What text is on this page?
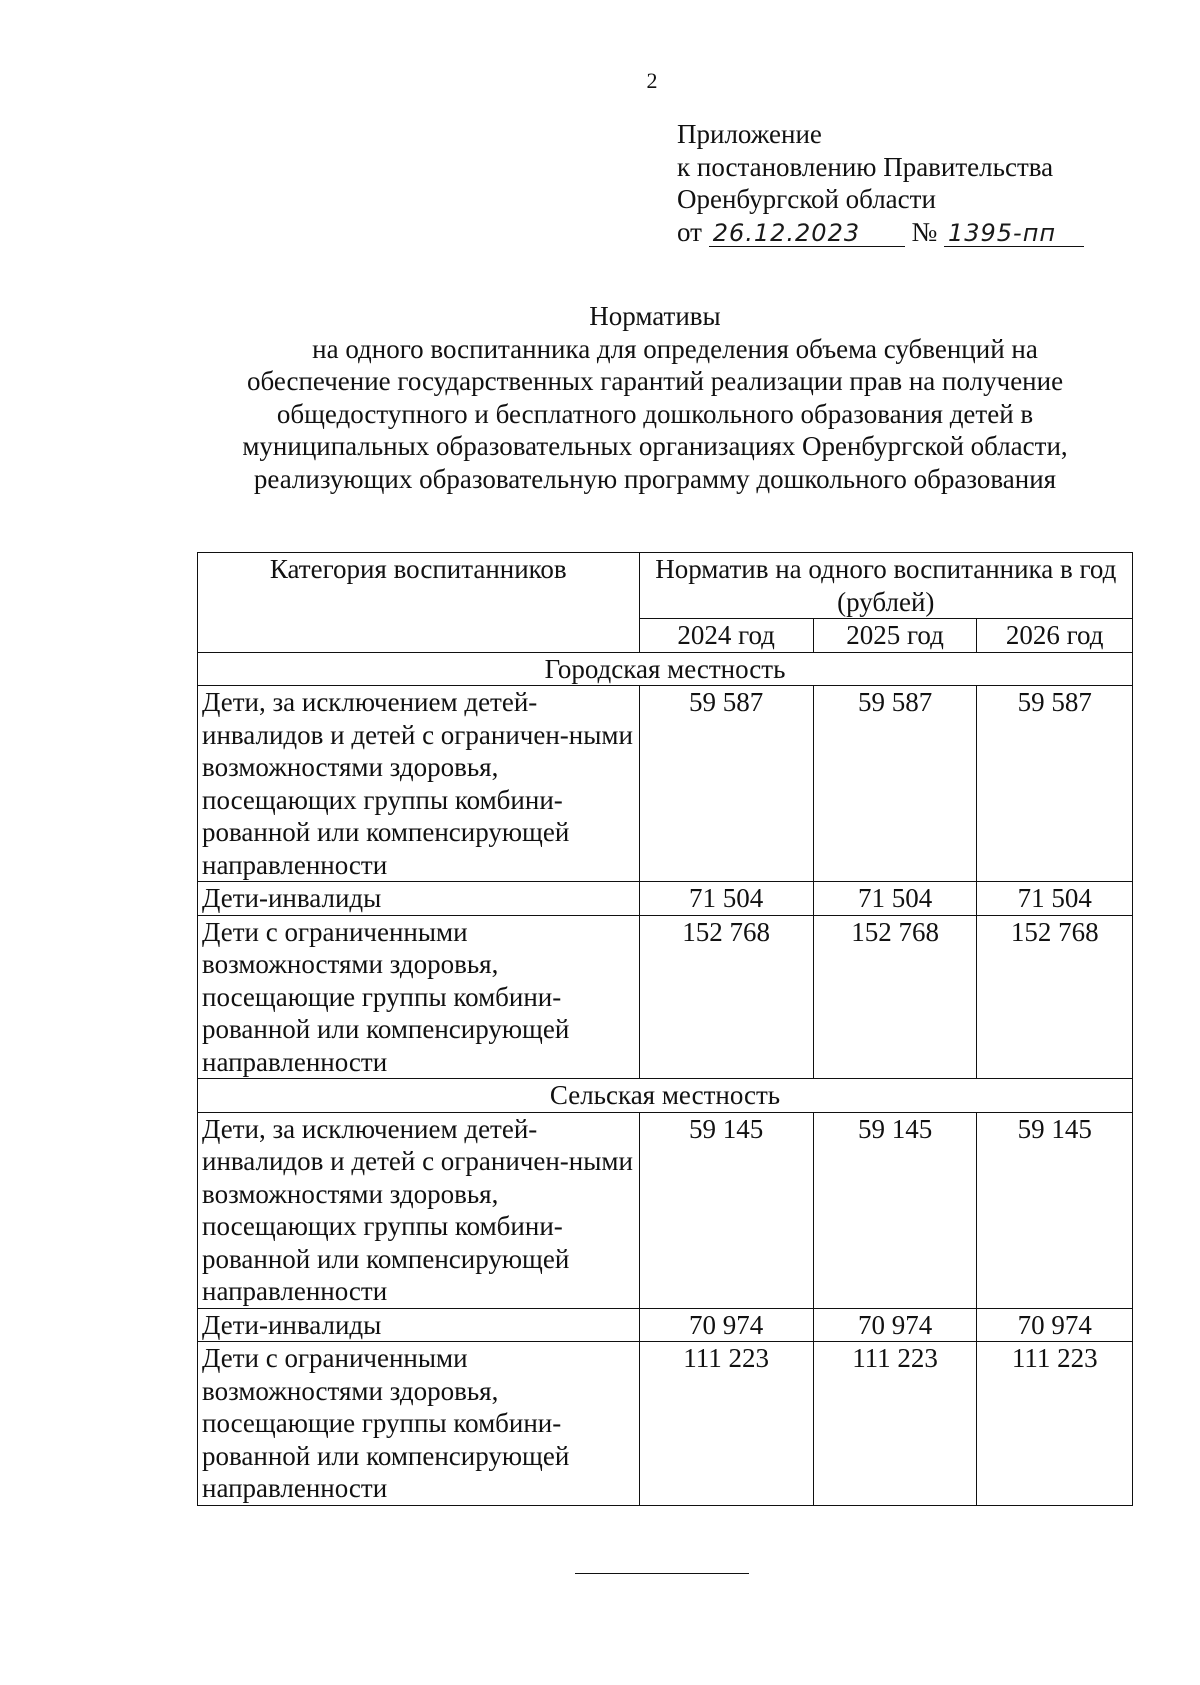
2
Приложение
к постановлению Правительства
Оренбургской области
от 26.12.2023 № 1395-пп
Нормативы
на одного воспитанника для определения объема субвенций на
обеспечение государственных гарантий реализации прав на получение
общедоступного и бесплатного дошкольного образования детей в
муниципальных образовательных организациях Оренбургской области,
реализующих образовательную программу дошкольного образования
Категория воспитанников	Норматив на одного воспитанника в год (рублей)		
	2024 год	2025 год	2026 год
Городская местность			
Дети, за исключением детей-инвалидов и детей с ограничен-ными возможностями здоровья, посещающих группы комбини-рованной или компенсирующей направленности	59 587	59 587	59 587
Дети-инвалиды	71 504	71 504	71 504
Дети с ограниченными возможностями здоровья, посещающие группы комбини-рованной или компенсирующей направленности	152 768	152 768	152 768
Сельская местность			
Дети, за исключением детей-инвалидов и детей с ограничен-ными возможностями здоровья, посещающих группы комбини-рованной или компенсирующей направленности	59 145	59 145	59 145
Дети-инвалиды	70 974	70 974	70 974
Дети с ограниченными возможностями здоровья, посещающие группы комбини-рованной или компенсирующей направленности	111 223	111 223	111 223
